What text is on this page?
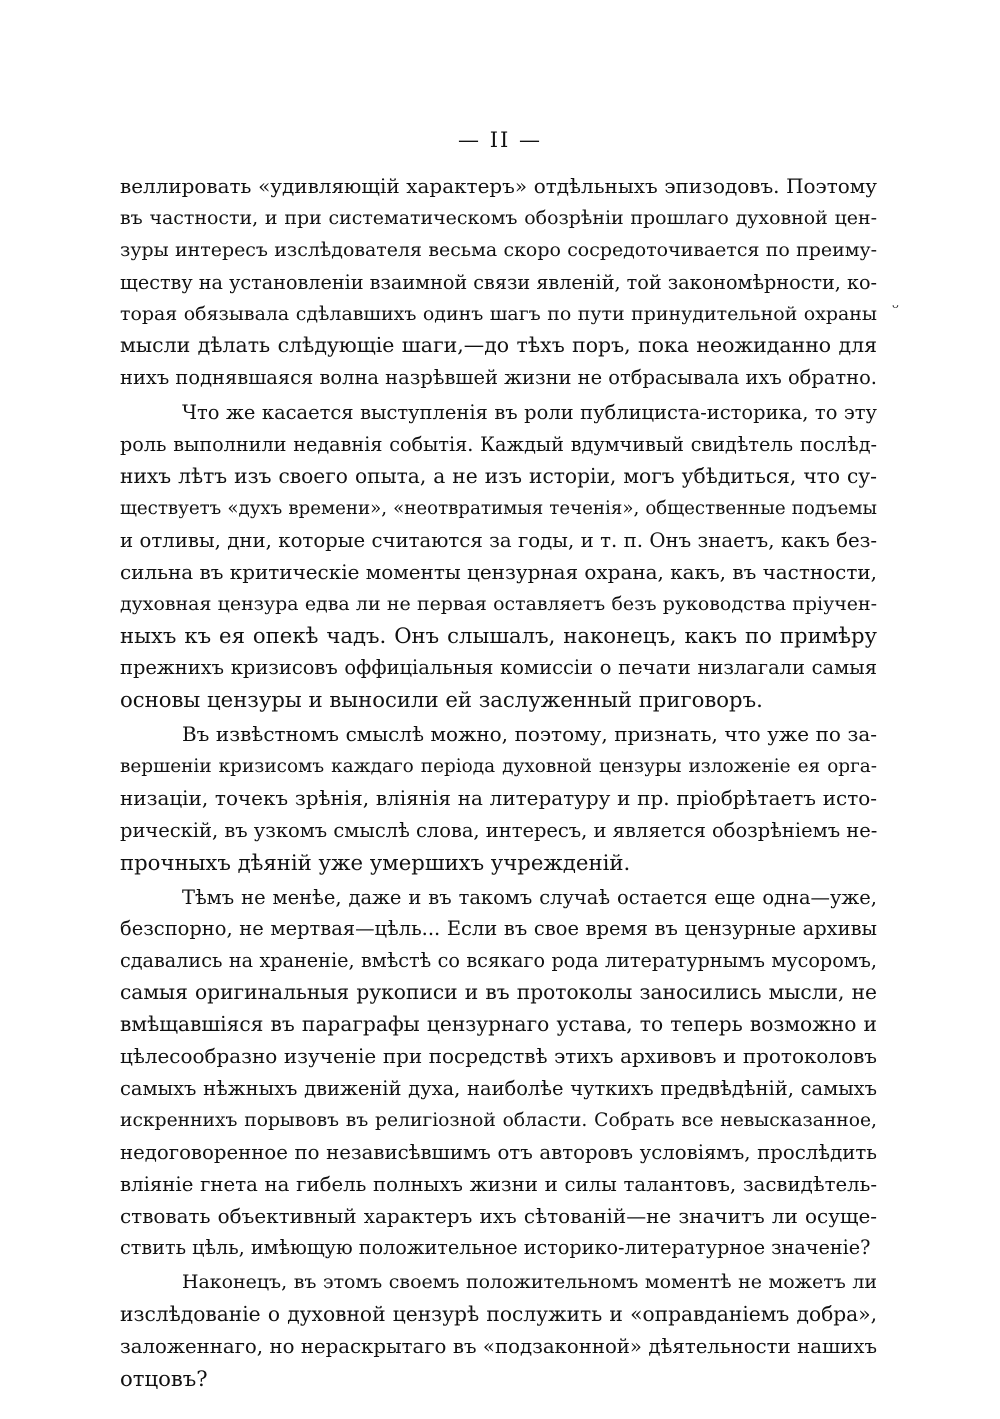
— II —
ᵕ
веллировать «удивляющій характеръ» отдѣльныхъ эпизодовъ. Поэтому
въ частности, и при систематическомъ обозрѣніи прошлаго духовной цен-
зуры интересъ изслѣдователя весьма скоро сосредоточивается по преиму-
ществу на установленіи взаимной связи явленій, той закономѣрности, ко-
торая обязывала сдѣлавшихъ одинъ шагъ по пути принудительной охраны
мысли дѣлать слѣдующіе шаги,—до тѣхъ поръ, пока неожиданно для
нихъ поднявшаяся волна назрѣвшей жизни не отбрасывала ихъ обратно.
Что же касается выступленія въ роли публициста-историка, то эту
роль выполнили недавнія событія. Каждый вдумчивый свидѣтель послѣд-
нихъ лѣтъ изъ своего опыта, а не изъ исторіи, могъ убѣдиться, что су-
ществуетъ «духъ времени», «неотвратимыя теченія», общественные подъемы
и отливы, дни, которые считаются за годы, и т. п. Онъ знаетъ, какъ без-
сильна въ критическіе моменты цензурная охрана, какъ, въ частности,
духовная цензура едва ли не первая оставляетъ безъ руководства пріучен-
ныхъ къ ея опекѣ чадъ. Онъ слышалъ, наконецъ, какъ по примѣру
прежнихъ кризисовъ оффиціальныя комиссіи о печати низлагали самыя
основы цензуры и выносили ей заслуженный приговоръ.
Въ извѣстномъ смыслѣ можно, поэтому, признать, что уже по за-
вершеніи кризисомъ каждаго періода духовной цензуры изложеніе ея орга-
низаціи, точекъ зрѣнія, вліянія на литературу и пр. пріобрѣтаетъ исто-
рическій, въ узкомъ смыслѣ слова, интересъ, и является обозрѣніемъ не-
прочныхъ дѣяній уже умершихъ учрежденій.
Тѣмъ не менѣе, даже и въ такомъ случаѣ остается еще одна—уже,
безспорно, не мертвая—цѣль... Если въ свое время въ цензурные архивы
сдавались на храненіе, вмѣстѣ со всякаго рода литературнымъ мусоромъ,
самыя оригинальныя рукописи и въ протоколы заносились мысли, не
вмѣщавшіяся въ параграфы цензурнаго устава, то теперь возможно и
цѣлесообразно изученіе при посредствѣ этихъ архивовъ и протоколовъ
самыхъ нѣжныхъ движеній духа, наиболѣе чуткихъ предвѣдѣній, самыхъ
искреннихъ порывовъ въ религіозной области. Собрать все невысказанное,
недоговоренное по независѣвшимъ отъ авторовъ условіямъ, прослѣдить
вліяніе гнета на гибель полныхъ жизни и силы талантовъ, засвидѣтель-
ствовать объективный характеръ ихъ сѣтованій—не значитъ ли осуще-
ствить цѣль, имѣющую положительное историко-литературное значеніе?
Наконецъ, въ этомъ своемъ положительномъ моментѣ не можетъ ли
изслѣдованіе о духовной цензурѣ послужить и «оправданіемъ добра»,
заложеннаго, но нераскрытаго въ «подзаконной» дѣятельности нашихъ
отцовъ?
